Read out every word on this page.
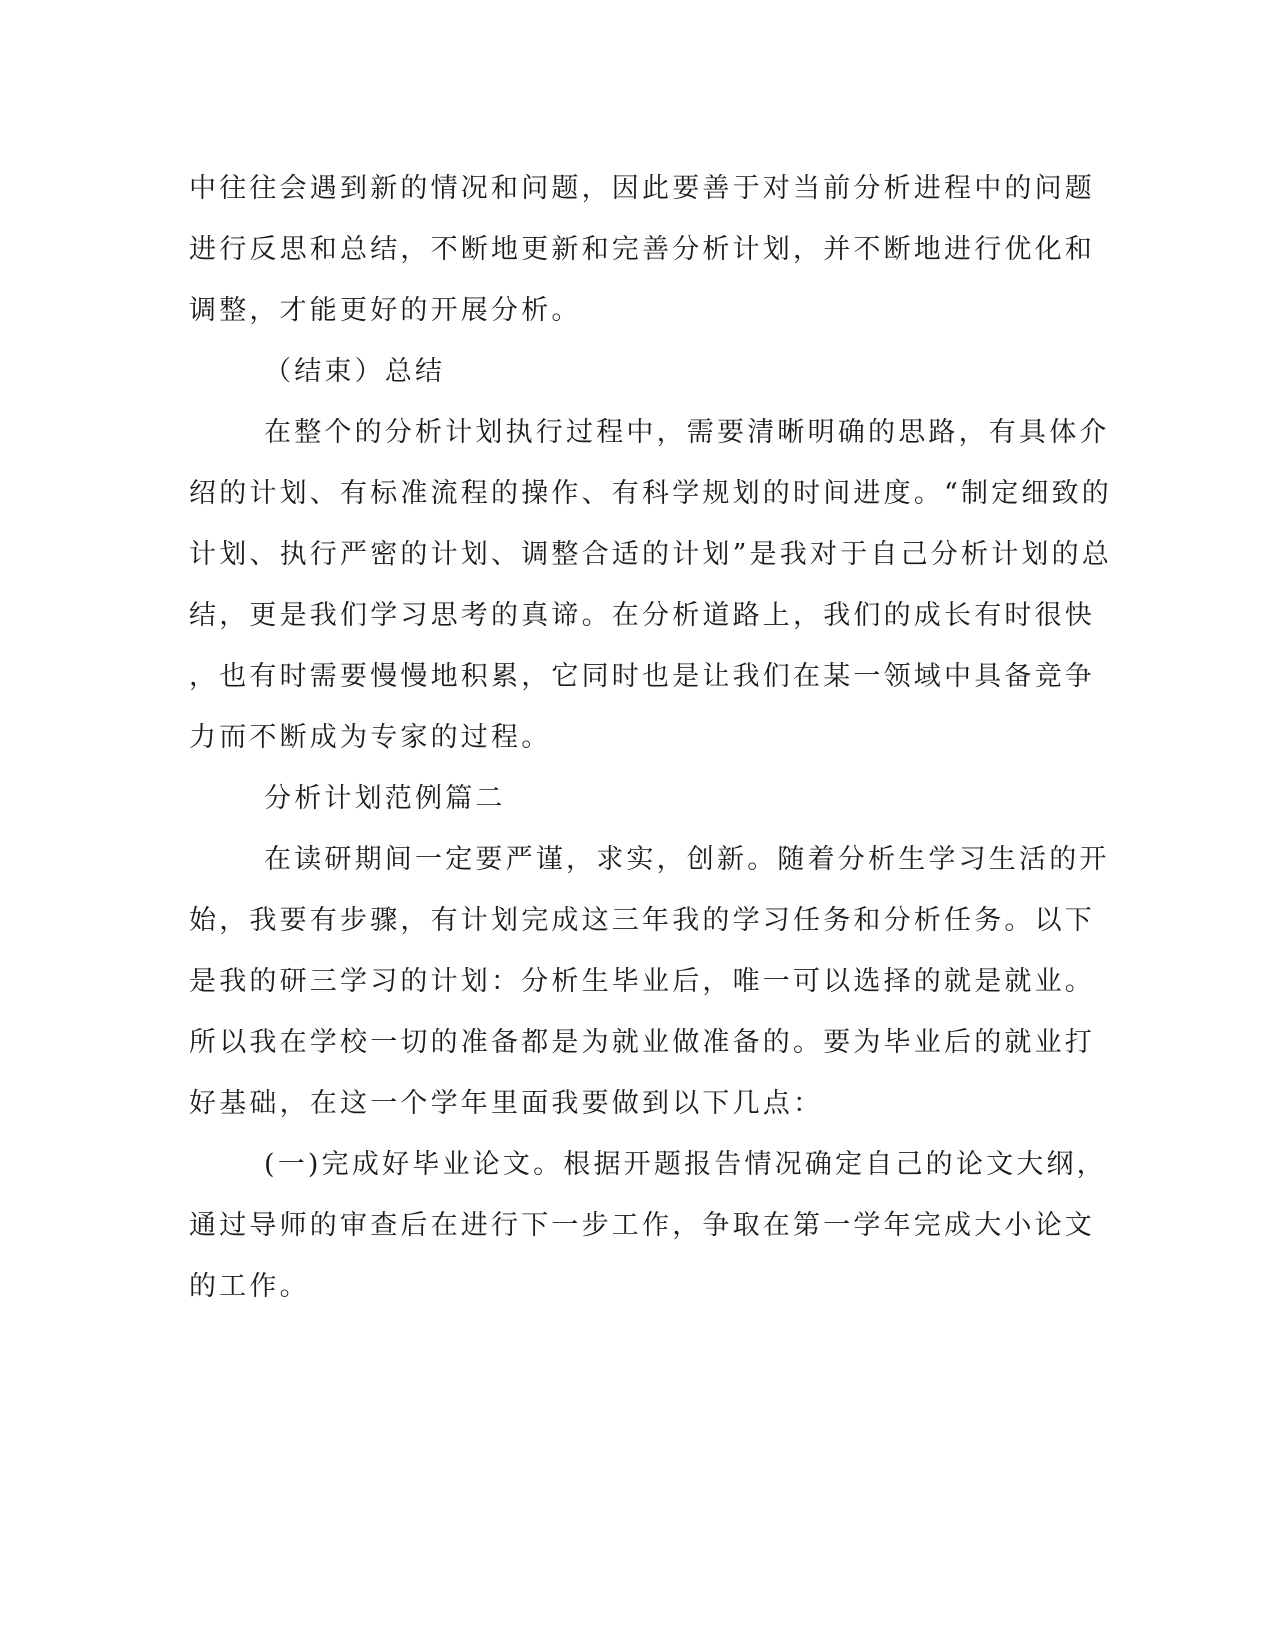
中往往会遇到新的情况和问题，因此要善于对当前分析进程中的问题
进行反思和总结，不断地更新和完善分析计划，并不断地进行优化和
调整，才能更好的开展分析。
（结束）总结
在整个的分析计划执行过程中，需要清晰明确的思路，有具体介
绍的计划、有标准流程的操作、有科学规划的时间进度。“制定细致的
计划、执行严密的计划、调整合适的计划”是我对于自己分析计划的总
结，更是我们学习思考的真谛。在分析道路上，我们的成长有时很快
，也有时需要慢慢地积累，它同时也是让我们在某一领域中具备竞争
力而不断成为专家的过程。
分析计划范例篇二
在读研期间一定要严谨，求实，创新。随着分析生学习生活的开
始，我要有步骤，有计划完成这三年我的学习任务和分析任务。以下
是我的研三学习的计划：分析生毕业后，唯一可以选择的就是就业。
所以我在学校一切的准备都是为就业做准备的。要为毕业后的就业打
好基础，在这一个学年里面我要做到以下几点：
(一)完成好毕业论文。根据开题报告情况确定自己的论文大纲，
通过导师的审查后在进行下一步工作，争取在第一学年完成大小论文
的工作。
